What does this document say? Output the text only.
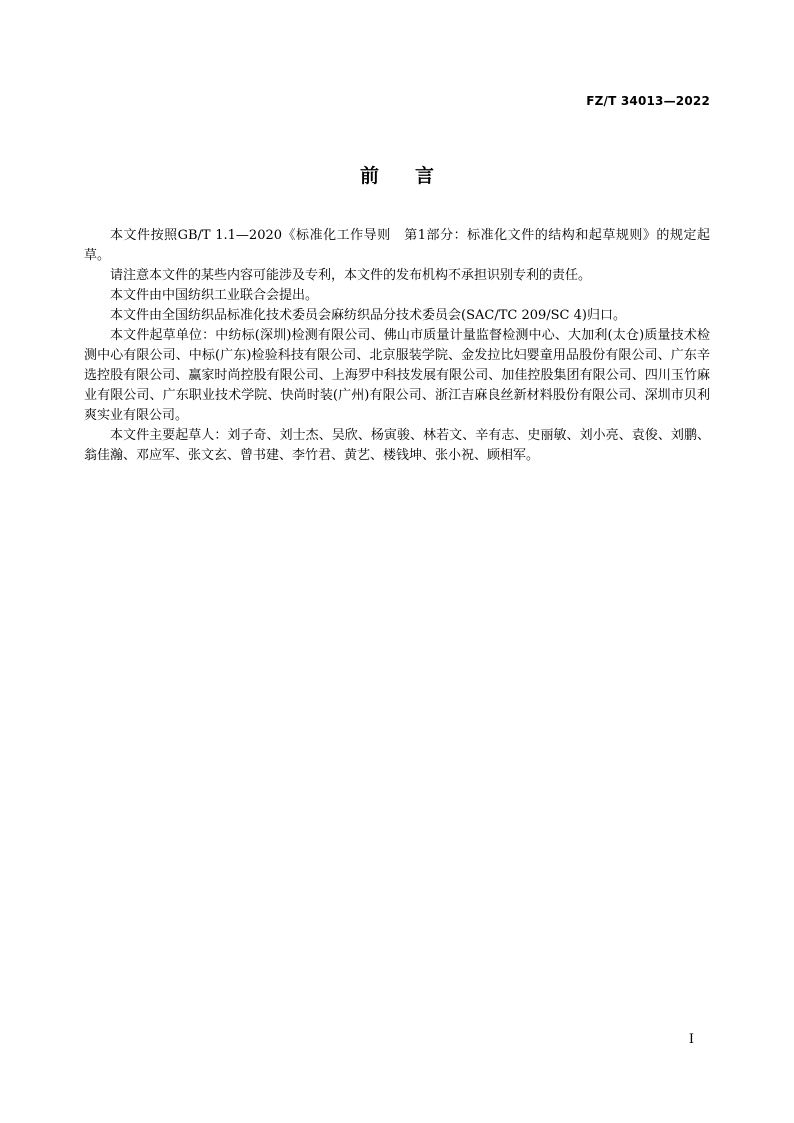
FZ/T 34013—2022
前言

本文件按照GB/T 1.1—2020《标准化工作导则　第1部分：标准化文件的结构和起草规则》的规定起草。

请注意本文件的某些内容可能涉及专利，本文件的发布机构不承担识别专利的责任。

本文件由中国纺织工业联合会提出。

本文件由全国纺织品标准化技术委员会麻纺织品分技术委员会(SAC/TC 209/SC 4)归口。

本文件起草单位：中纺标(深圳)检测有限公司、佛山市质量计量监督检测中心、大加利(太仓)质量技术检测中心有限公司、中标(广东)检验科技有限公司、北京服装学院、金发拉比妇婴童用品股份有限公司、广东辛选控股有限公司、赢家时尚控股有限公司、上海罗中科技发展有限公司、加佳控股集团有限公司、四川玉竹麻业有限公司、广东职业技术学院、快尚时装(广州)有限公司、浙江吉麻良丝新材料股份有限公司、深圳市贝利爽实业有限公司。

本文件主要起草人：刘子奇、刘士杰、吴欣、杨寅骏、林若文、辛有志、史丽敏、刘小亮、袁俊、刘鹏、翁佳瀚、邓应军、张文玄、曾书建、李竹君、黄艺、楼钱坤、张小祝、顾相军。

I
